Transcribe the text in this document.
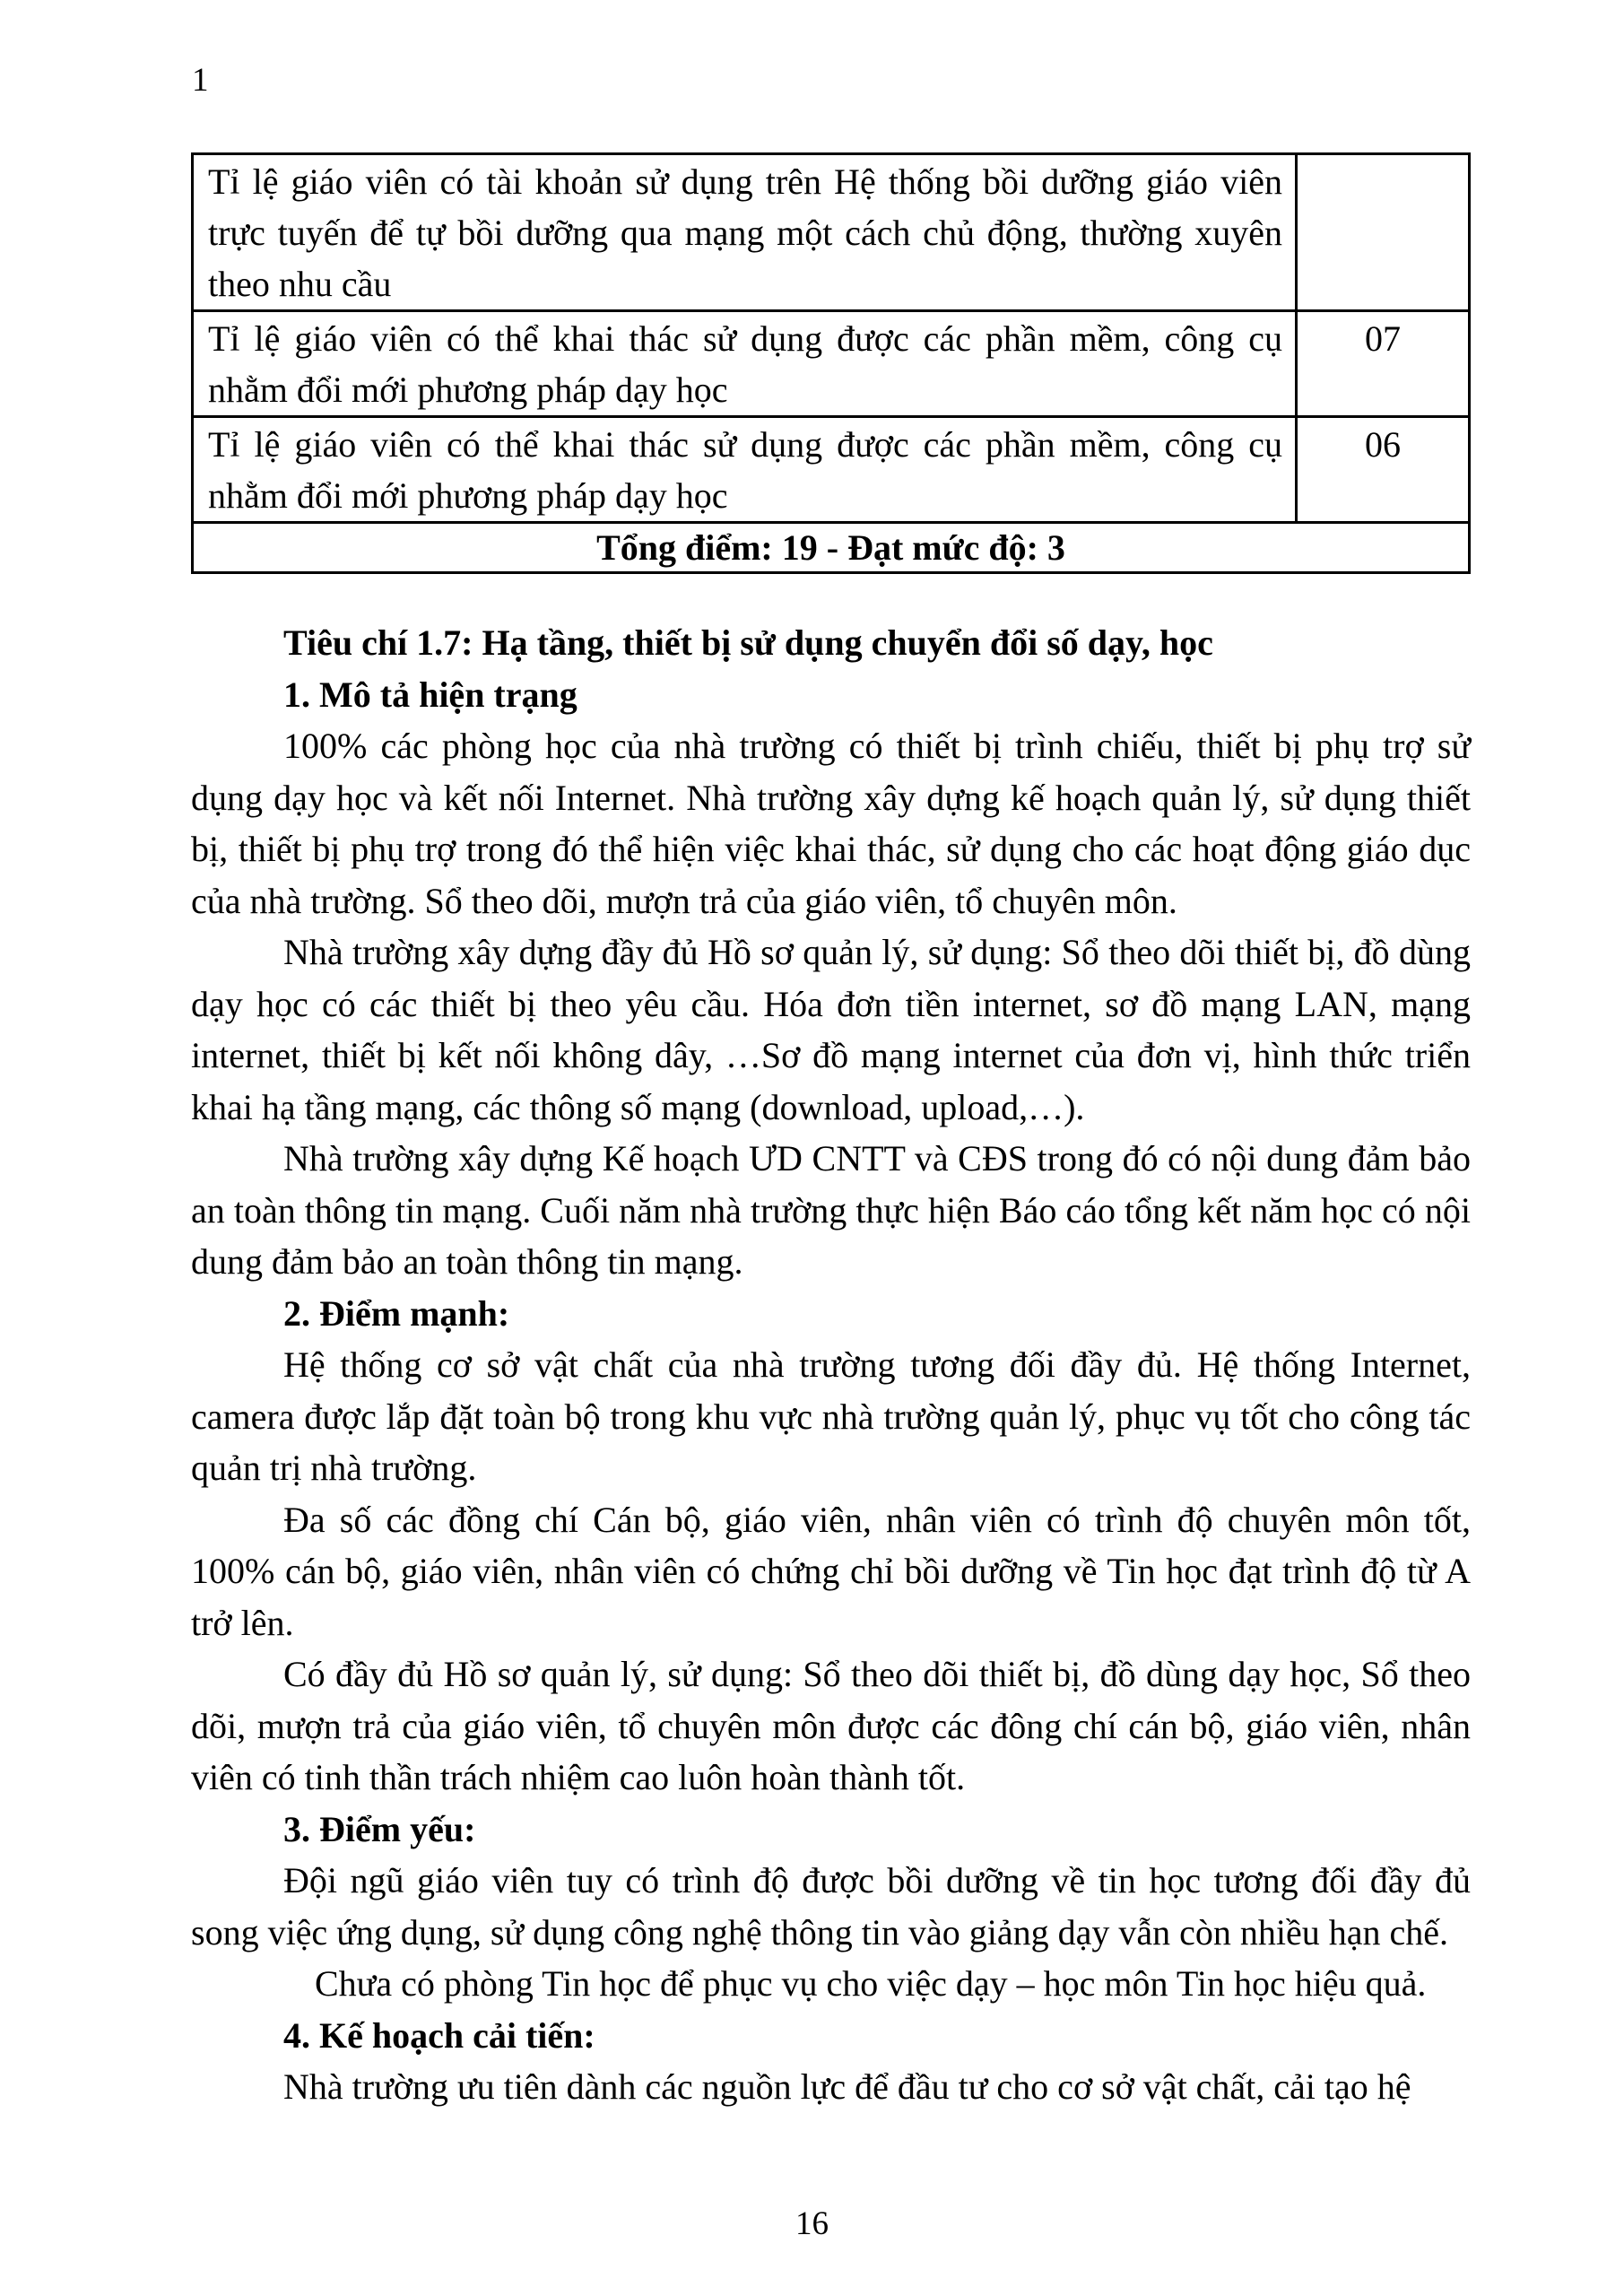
1
Tỉ lệ giáo viên có tài khoản sử dụng trên Hệ thống bồi dưỡng giáo viên trực tuyến để tự bồi dưỡng qua mạng một cách chủ động, thường xuyên theo nhu cầu	
Tỉ lệ giáo viên có thể khai thác sử dụng được các phần mềm, công cụ nhằm đổi mới phương pháp dạy học	07
Tỉ lệ giáo viên có thể khai thác sử dụng được các phần mềm, công cụ nhằm đổi mới phương pháp dạy học	06
Tổng điểm: 19 - Đạt mức độ: 3	

Tiêu chí 1.7: Hạ tầng, thiết bị sử dụng chuyển đổi số dạy, học

1. Mô tả hiện trạng

100% các phòng học của nhà trường có thiết bị trình chiếu, thiết bị phụ trợ sử dụng dạy học và kết nối Internet. Nhà trường xây dựng kế hoạch quản lý, sử dụng thiết bị, thiết bị phụ trợ trong đó thể hiện việc khai thác, sử dụng cho các hoạt động giáo dục của nhà trường. Sổ theo dõi, mượn trả của giáo viên, tổ chuyên môn.

Nhà trường xây dựng đầy đủ Hồ sơ quản lý, sử dụng: Sổ theo dõi thiết bị, đồ dùng dạy học có các thiết bị theo yêu cầu. Hóa đơn tiền internet, sơ đồ mạng LAN, mạng internet, thiết bị kết nối không dây, …Sơ đồ mạng internet của đơn vị, hình thức triển khai hạ tầng mạng, các thông số mạng (download, upload,…).

Nhà trường xây dựng Kế hoạch ƯD CNTT và CĐS trong đó có nội dung đảm bảo an toàn thông tin mạng. Cuối năm nhà trường thực hiện Báo cáo tổng kết năm học có nội dung đảm bảo an toàn thông tin mạng.

2. Điểm mạnh:

Hệ thống cơ sở vật chất của nhà trường tương đối đầy đủ. Hệ thống Internet, camera được lắp đặt toàn bộ trong khu vực nhà trường quản lý, phục vụ tốt cho công tác quản trị nhà trường.

Đa số các đồng chí Cán bộ, giáo viên, nhân viên có trình độ chuyên môn tốt, 100% cán bộ, giáo viên, nhân viên có chứng chỉ bồi dưỡng về Tin học đạt trình độ từ A trở lên.

Có đầy đủ Hồ sơ quản lý, sử dụng: Sổ theo dõi thiết bị, đồ dùng dạy học, Sổ theo dõi, mượn trả của giáo viên, tổ chuyên môn được các đông chí cán bộ, giáo viên, nhân viên có tinh thần trách nhiệm cao luôn hoàn thành tốt.

3. Điểm yếu:

Đội ngũ giáo viên tuy có trình độ được bồi dưỡng về tin học tương đối đầy đủ song việc ứng dụng, sử dụng công nghệ thông tin vào giảng dạy vẫn còn nhiều hạn chế.

Chưa có phòng Tin học để phục vụ cho việc dạy – học môn Tin học hiệu quả.

4. Kế hoạch cải tiến:

Nhà trường ưu tiên dành các nguồn lực để đầu tư cho cơ sở vật chất, cải tạo hệ

16
